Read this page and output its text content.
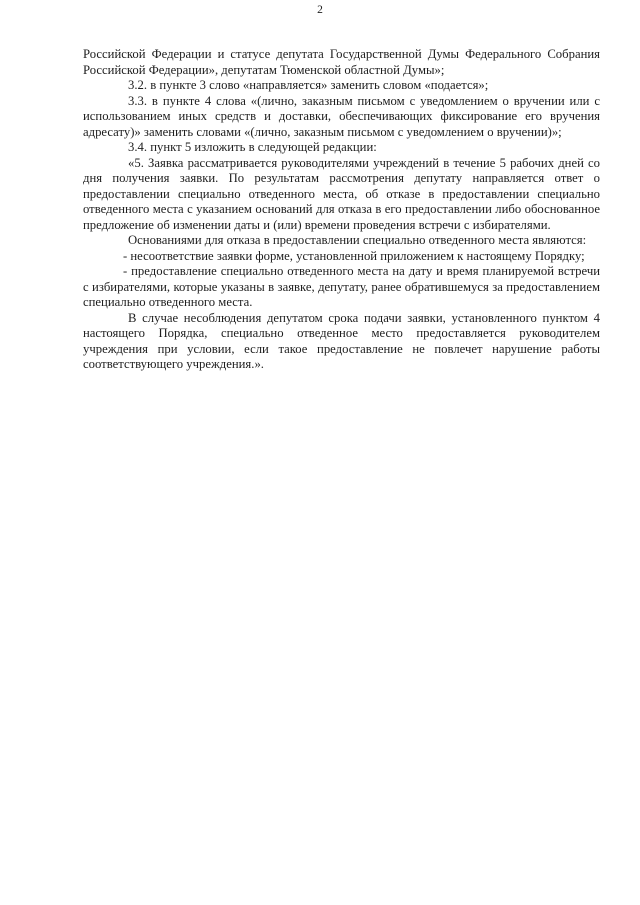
2

Российской Федерации и статусе депутата Государственной Думы Федерального Собрания Российской Федерации», депутатам Тюменской областной Думы»;

3.2. в пункте 3 слово «направляется» заменить словом «подается»;

3.3. в пункте 4 слова «(лично, заказным письмом с уведомлением о вручении или с использованием иных средств и доставки, обеспечивающих фиксирование его вручения адресату)» заменить словами «(лично, заказным письмом с уведомлением о вручении)»;

3.4. пункт 5 изложить в следующей редакции:

«5. Заявка рассматривается руководителями учреждений в течение 5 рабочих дней со дня получения заявки. По результатам рассмотрения депутату направляется ответ о предоставлении специально отведенного места, об отказе в предоставлении специально отведенного места с указанием оснований для отказа в его предоставлении либо обоснованное предложение об изменении даты и (или) времени проведения встречи с избирателями.

Основаниями для отказа в предоставлении специально отведенного места являются:

- несоответствие заявки форме, установленной приложением к настоящему Порядку;

- предоставление специально отведенного места на дату и время планируемой встречи с избирателями, которые указаны в заявке, депутату, ранее обратившемуся за предоставлением специально отведенного места.

В случае несоблюдения депутатом срока подачи заявки, установленного пунктом 4 настоящего Порядка, специально отведенное место предоставляется руководителем учреждения при условии, если такое предоставление не повлечет нарушение работы соответствующего учреждения.».
